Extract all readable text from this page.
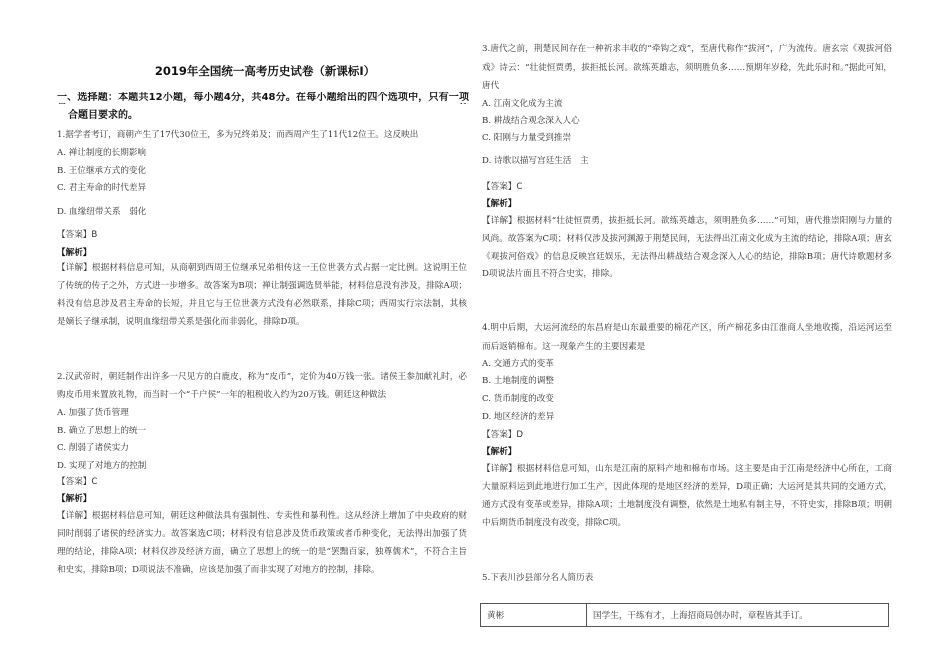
2019年全国统一高考历史试卷（新课标Ⅰ）
黄彬	国学生，干练有才，上海招商局创办时，章程皆其手订。
一、选择题：本题共12小题，每小题4分，共48分。在每小题给出的四个选项中，只有一项
合题目要求的。
1.据学者考订，商朝产生了17代30位王，多为兄终弟及；而西周产生了11代12位王。这反映出
A. 禅让制度的长期影响
B. 王位继承方式的变化
C. 君主寿命的时代差异
D. 血缘纽带关系　弱化
【答案】B
【解析】
【详解】根据材料信息可知，从商朝到西周王位继承兄弟相传这一王位世袭方式占据一定比例。这说明王位
了传统的传子之外，方式进一步增多。故答案为B项；禅让制强调选贤举能，材料信息没有涉及，排除A项；
料没有信息涉及君主寿命的长短，并且它与王位世袭方式没有必然联系，排除C项；西周实行宗法制，其核
是嫡长子继承制，说明血缘纽带关系是强化而非弱化，排除D项。
2.汉武帝时，朝廷制作出许多一尺见方的白鹿皮，称为“皮币”，定价为40万钱一张。诸侯王参加献礼时，必
购皮币用来置放礼物，而当时一个“千户侯”一年的租税收入约为20万钱。朝廷这种做法
A. 加强了货币管理
B. 确立了思想上的统一
C. 削弱了诸侯实力
D. 实现了对地方的控制
【答案】C
【解析】
【详解】根据材料信息可知，朝廷这种做法具有强制性、专卖性和暴利性。这从经济上增加了中央政府的财
同时削弱了诸侯的经济实力。故答案选C项；材料没有信息涉及货币政策或者币种变化，无法得出加强了货
理的结论，排除A项；材料仅涉及经济方面，确立了思想上的统一的是“罢黜百家，独尊儒术”，不符合主旨
和史实，排除B项；D项说法不准确，应该是加强了而非实现了对地方的控制，排除。
3.唐代之前，荆楚民间存在一种祈求丰收的“牵钩之戏”，至唐代称作“拔河”，广为流传。唐玄宗《观拔河俗
戏》诗云：“壮徒恒贾勇，拔拒抵长河。欲练英雄志，须明胜负多……预期年岁稔，先此乐时和。”据此可知，
唐代
A. 江南文化成为主流
B. 耕战结合观念深入人心
C. 阳刚与力量受到推崇
D. 诗歌以描写宫廷生活　主
【答案】C
【解析】
【详解】根据材料“壮徒恒贾勇，拔拒抵长河。欲练英雄志，须明胜负多……”可知，唐代推崇阳刚与力量的
风尚。故答案为C项；材料仅涉及拔河渊源于荆楚民间，无法得出江南文化成为主流的结论，排除A项；唐玄
《观拔河俗戏》的信息反映宫廷娱乐，无法得出耕战结合观念深入人心的结论，排除B项；唐代诗歌题材多
D项说法片面且不符合史实，排除。
4.明中后期，大运河流经的东昌府是山东最重要的棉花产区，所产棉花多由江淮商人坐地收揽，沿运河运至
而后返销棉布。这一现象产生的主要因素是
A. 交通方式的变革
B. 土地制度的调整
C. 货币制度的改变
D. 地区经济的差异
【答案】D
【解析】
【详解】根据材料信息可知，山东是江南的原料产地和棉布市场。这主要是由于江南是经济中心所在，工商
大量原料运到此地进行加工生产，因此体现的是地区经济的差异，D项正确；大运河是其共同的交通方式，
通方式没有变革或差异，排除A项；土地制度没有调整，依然是土地私有制主导，不符史实，排除B项；明朝
中后期货币制度没有改变，排除C项。
5.下表川沙县部分名人简历表
